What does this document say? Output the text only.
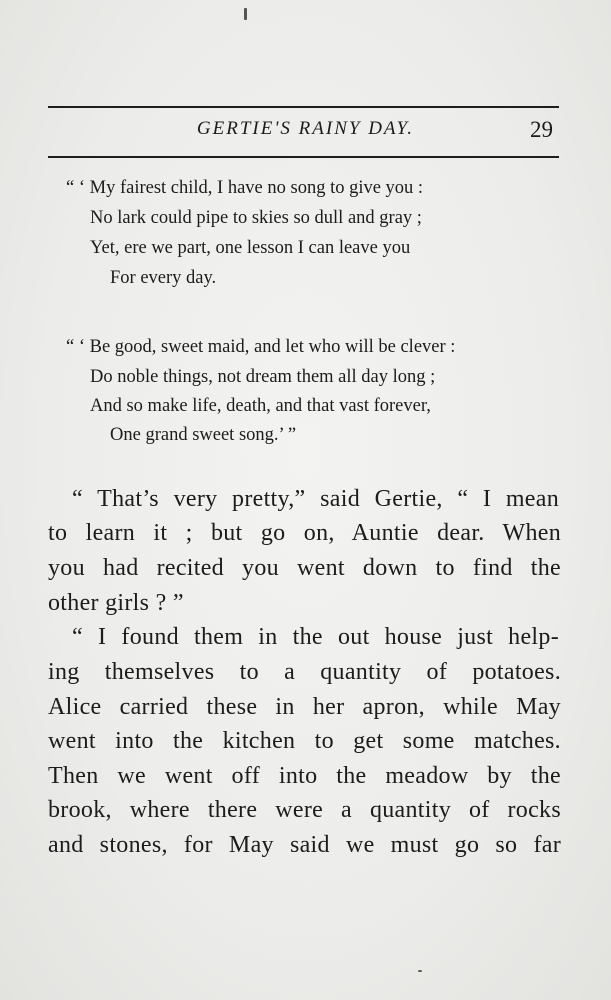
GERTIE'S RAINY DAY.	29
“ ‘ My fairest child, I have no song to give you :
No lark could pipe to skies so dull and gray ;
Yet, ere we part, one lesson I can leave you
For every day.
“ ‘ Be good, sweet maid, and let who will be clever :
Do noble things, not dream them all day long ;
And so make life, death, and that vast forever,
One grand sweet song.’ ”
“ That’s very pretty,” said Gertie, “ I mean
to learn it ; but go on, Auntie dear. When
you had recited you went down to find the
other girls ? ”
“ I found them in the out house just help-
ing themselves to a quantity of potatoes.
Alice carried these in her apron, while May
went into the kitchen to get some matches.
Then we went off into the meadow by the
brook, where there were a quantity of rocks
and stones, for May said we must go so far
